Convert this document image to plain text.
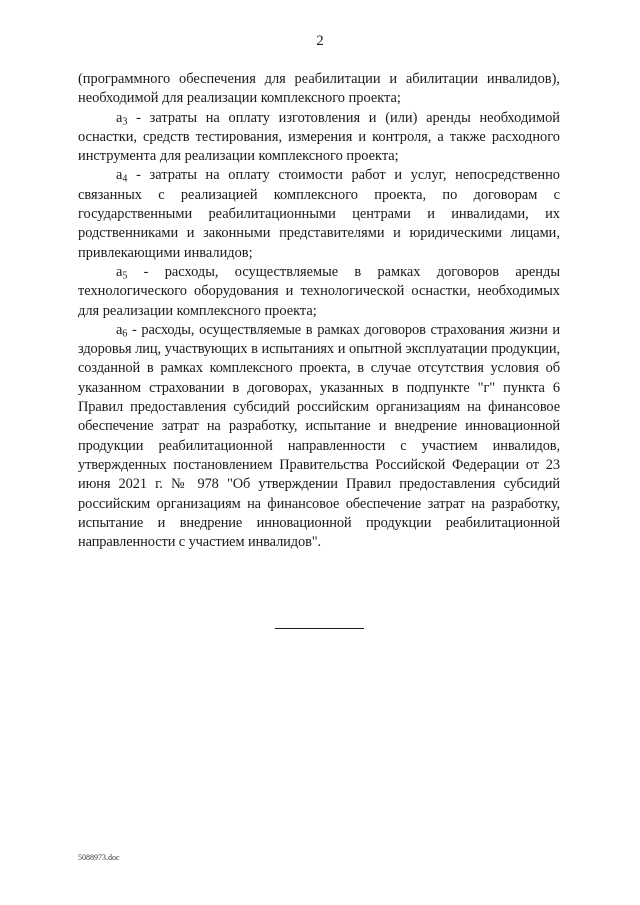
2

(программного обеспечения для реабилитации и абилитации инвалидов), необходимой для реализации комплексного проекта;

$a_3$ - затраты на оплату изготовления и (или) аренды необходимой оснастки, средств тестирования, измерения и контроля, а также расходного инструмента для реализации комплексного проекта;

$a_4$ - затраты на оплату стоимости работ и услуг, непосредственно связанных с реализацией комплексного проекта, по договорам с государственными реабилитационными центрами и инвалидами, их родственниками и законными представителями и юридическими лицами, привлекающими инвалидов;

$a_5$ - расходы, осуществляемые в рамках договоров аренды технологического оборудования и технологической оснастки, необходимых для реализации комплексного проекта;

$a_6$ - расходы, осуществляемые в рамках договоров страхования жизни и здоровья лиц, участвующих в испытаниях и опытной эксплуатации продукции, созданной в рамках комплексного проекта, в случае отсутствия условия об указанном страховании в договорах, указанных в подпункте "г" пункта 6 Правил предоставления субсидий российским организациям на финансовое обеспечение затрат на разработку, испытание и внедрение инновационной продукции реабилитационной направленности с участием инвалидов, утвержденных постановлением Правительства Российской Федерации от 23 июня 2021 г. № 978 "Об утверждении Правил предоставления субсидий российским организациям на финансовое обеспечение затрат на разработку, испытание и внедрение инновационной продукции реабилитационной направленности с участием инвалидов".

5088973.doc
